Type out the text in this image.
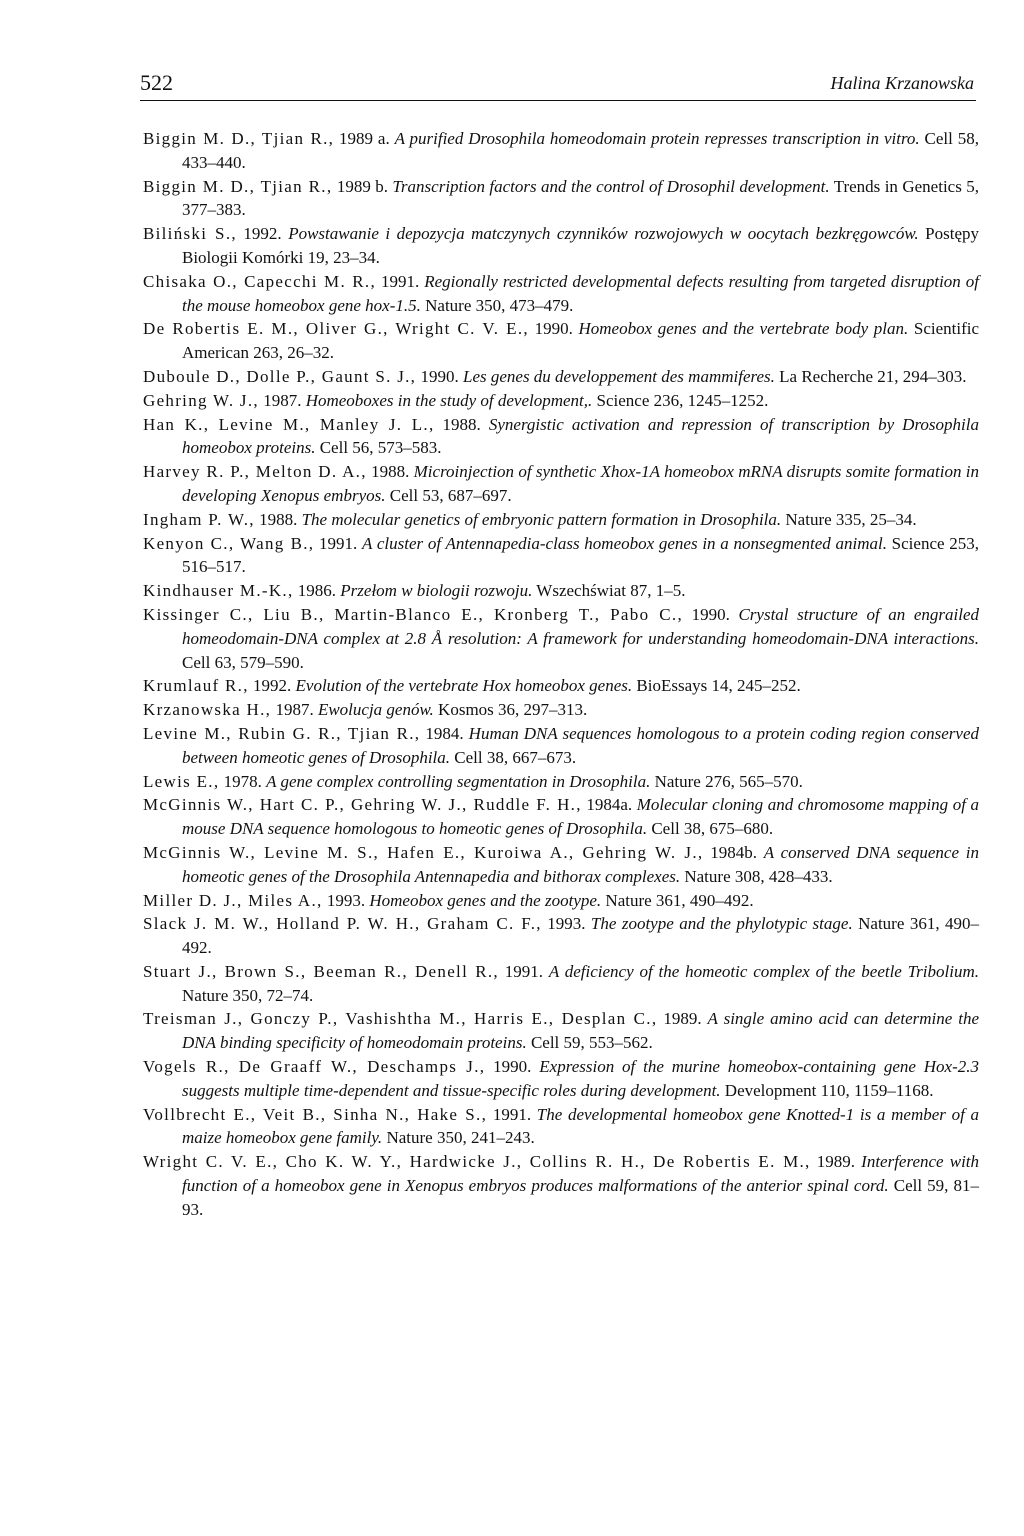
522	Halina Krzanowska

Biggin M. D., Tjian R., 1989 a. A purified Drosophila homeodomain protein represses transcription in vitro. Cell 58, 433–440.

Biggin M. D., Tjian R., 1989 b. Transcription factors and the control of Drosophil development. Trends in Genetics 5, 377–383.

Biliński S., 1992. Powstawanie i depozycja matczynych czynników rozwojowych w oocytach bezkręgowców. Postępy Biologii Komórki 19, 23–34.

Chisaka O., Capecchi M. R., 1991. Regionally restricted developmental defects resulting from targeted disruption of the mouse homeobox gene hox-1.5. Nature 350, 473–479.

De Robertis E. M., Oliver G., Wright C. V. E., 1990. Homeobox genes and the vertebrate body plan. Scientific American 263, 26–32.

Duboule D., Dolle P., Gaunt S. J., 1990. Les genes du developpement des mammiferes. La Recherche 21, 294–303.

Gehring W. J., 1987. Homeoboxes in the study of development,. Science 236, 1245–1252.

Han K., Levine M., Manley J. L., 1988. Synergistic activation and repression of transcription by Drosophila homeobox proteins. Cell 56, 573–583.

Harvey R. P., Melton D. A., 1988. Microinjection of synthetic Xhox-1A homeobox mRNA disrupts somite formation in developing Xenopus embryos. Cell 53, 687–697.

Ingham P. W., 1988. The molecular genetics of embryonic pattern formation in Drosophila. Nature 335, 25–34.

Kenyon C., Wang B., 1991. A cluster of Antennapedia-class homeobox genes in a nonsegmented animal. Science 253, 516–517.

Kindhauser M.-K., 1986. Przełom w biologii rozwoju. Wszechświat 87, 1–5.

Kissinger C., Liu B., Martin-Blanco E., Kronberg T., Pabo C., 1990. Crystal structure of an engrailed homeodomain-DNA complex at 2.8 Å resolution: A framework for understanding homeodomain-DNA interactions. Cell 63, 579–590.

Krumlauf R., 1992. Evolution of the vertebrate Hox homeobox genes. BioEssays 14, 245–252.

Krzanowska H., 1987. Ewolucja genów. Kosmos 36, 297–313.

Levine M., Rubin G. R., Tjian R., 1984. Human DNA sequences homologous to a protein coding region conserved between homeotic genes of Drosophila. Cell 38, 667–673.

Lewis E., 1978. A gene complex controlling segmentation in Drosophila. Nature 276, 565–570.

McGinnis W., Hart C. P., Gehring W. J., Ruddle F. H., 1984a. Molecular cloning and chromosome mapping of a mouse DNA sequence homologous to homeotic genes of Drosophila. Cell 38, 675–680.

McGinnis W., Levine M. S., Hafen E., Kuroiwa A., Gehring W. J., 1984b. A conserved DNA sequence in homeotic genes of the Drosophila Antennapedia and bithorax complexes. Nature 308, 428–433.

Miller D. J., Miles A., 1993. Homeobox genes and the zootype. Nature 361, 490–492.

Slack J. M. W., Holland P. W. H., Graham C. F., 1993. The zootype and the phylotypic stage. Nature 361, 490–492.

Stuart J., Brown S., Beeman R., Denell R., 1991. A deficiency of the homeotic complex of the beetle Tribolium. Nature 350, 72–74.

Treisman J., Gonczy P., Vashishtha M., Harris E., Desplan C., 1989. A single amino acid can determine the DNA binding specificity of homeodomain proteins. Cell 59, 553–562.

Vogels R., De Graaff W., Deschamps J., 1990. Expression of the murine homeobox-containing gene Hox-2.3 suggests multiple time-dependent and tissue-specific roles during development. Development 110, 1159–1168.

Vollbrecht E., Veit B., Sinha N., Hake S., 1991. The developmental homeobox gene Knotted-1 is a member of a maize homeobox gene family. Nature 350, 241–243.

Wright C. V. E., Cho K. W. Y., Hardwicke J., Collins R. H., De Robertis E. M., 1989. Interference with function of a homeobox gene in Xenopus embryos produces malformations of the anterior spinal cord. Cell 59, 81–93.
